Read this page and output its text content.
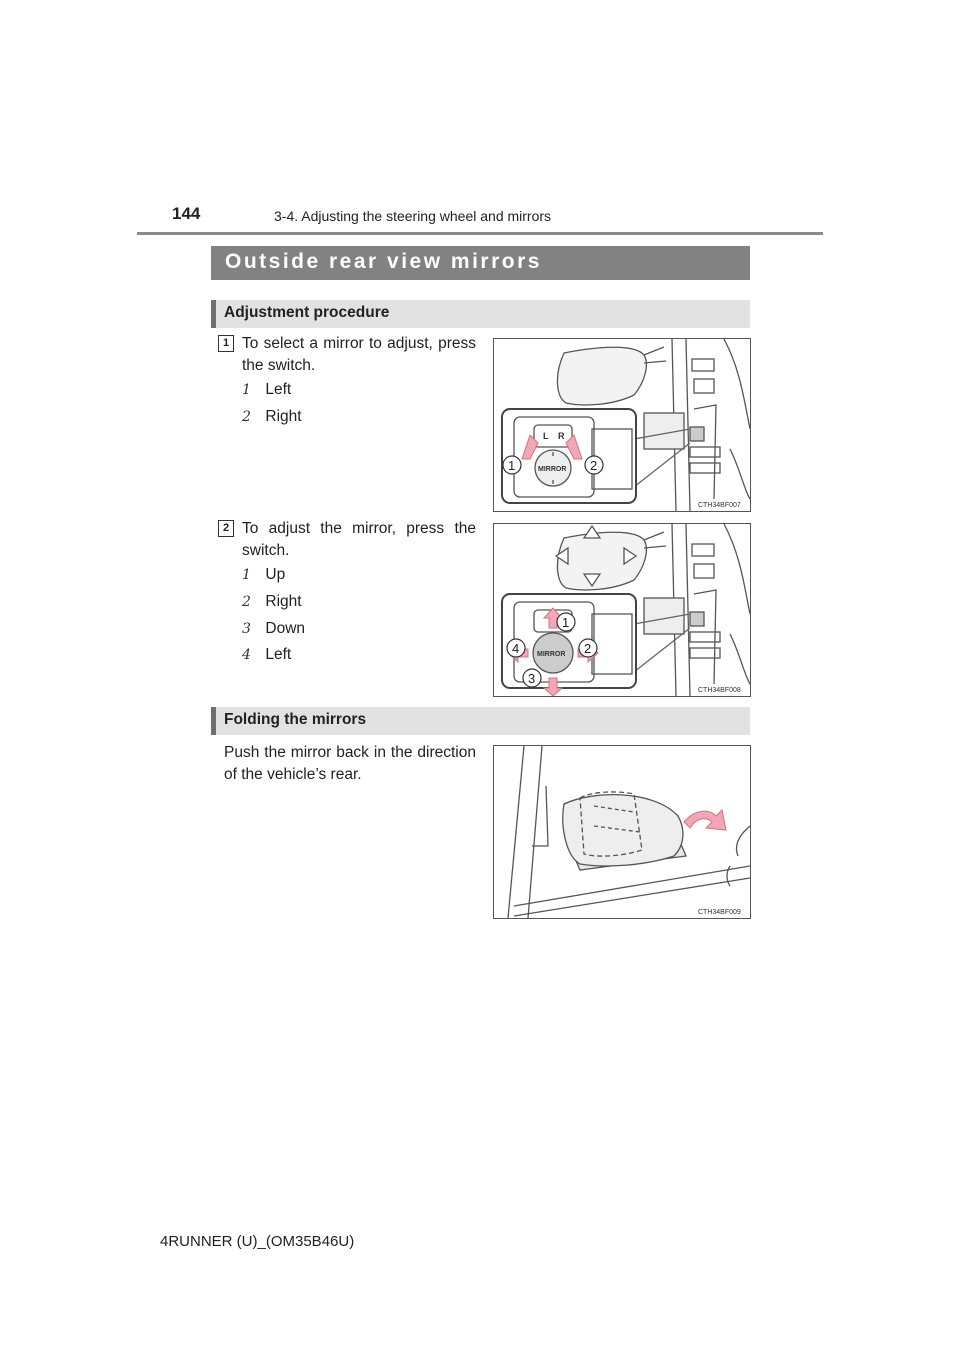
144	3-4. Adjusting the steering wheel and mirrors
Outside rear view mirrors
Adjustment procedure
1 To select a mirror to adjust, press the switch.
1 Left
2 Right
L R
MIRROR
1	2
CTH34BF007
2 To adjust the mirror, press the switch.
1 Up
2 Right
3 Down
4 Left	MIRROR
1
2
3
4
CTH34BF008
Folding the mirrors
Push the mirror back in the direction of the vehicle’s rear.
CTH34BF009
4RUNNER (U)_(OM35B46U)
